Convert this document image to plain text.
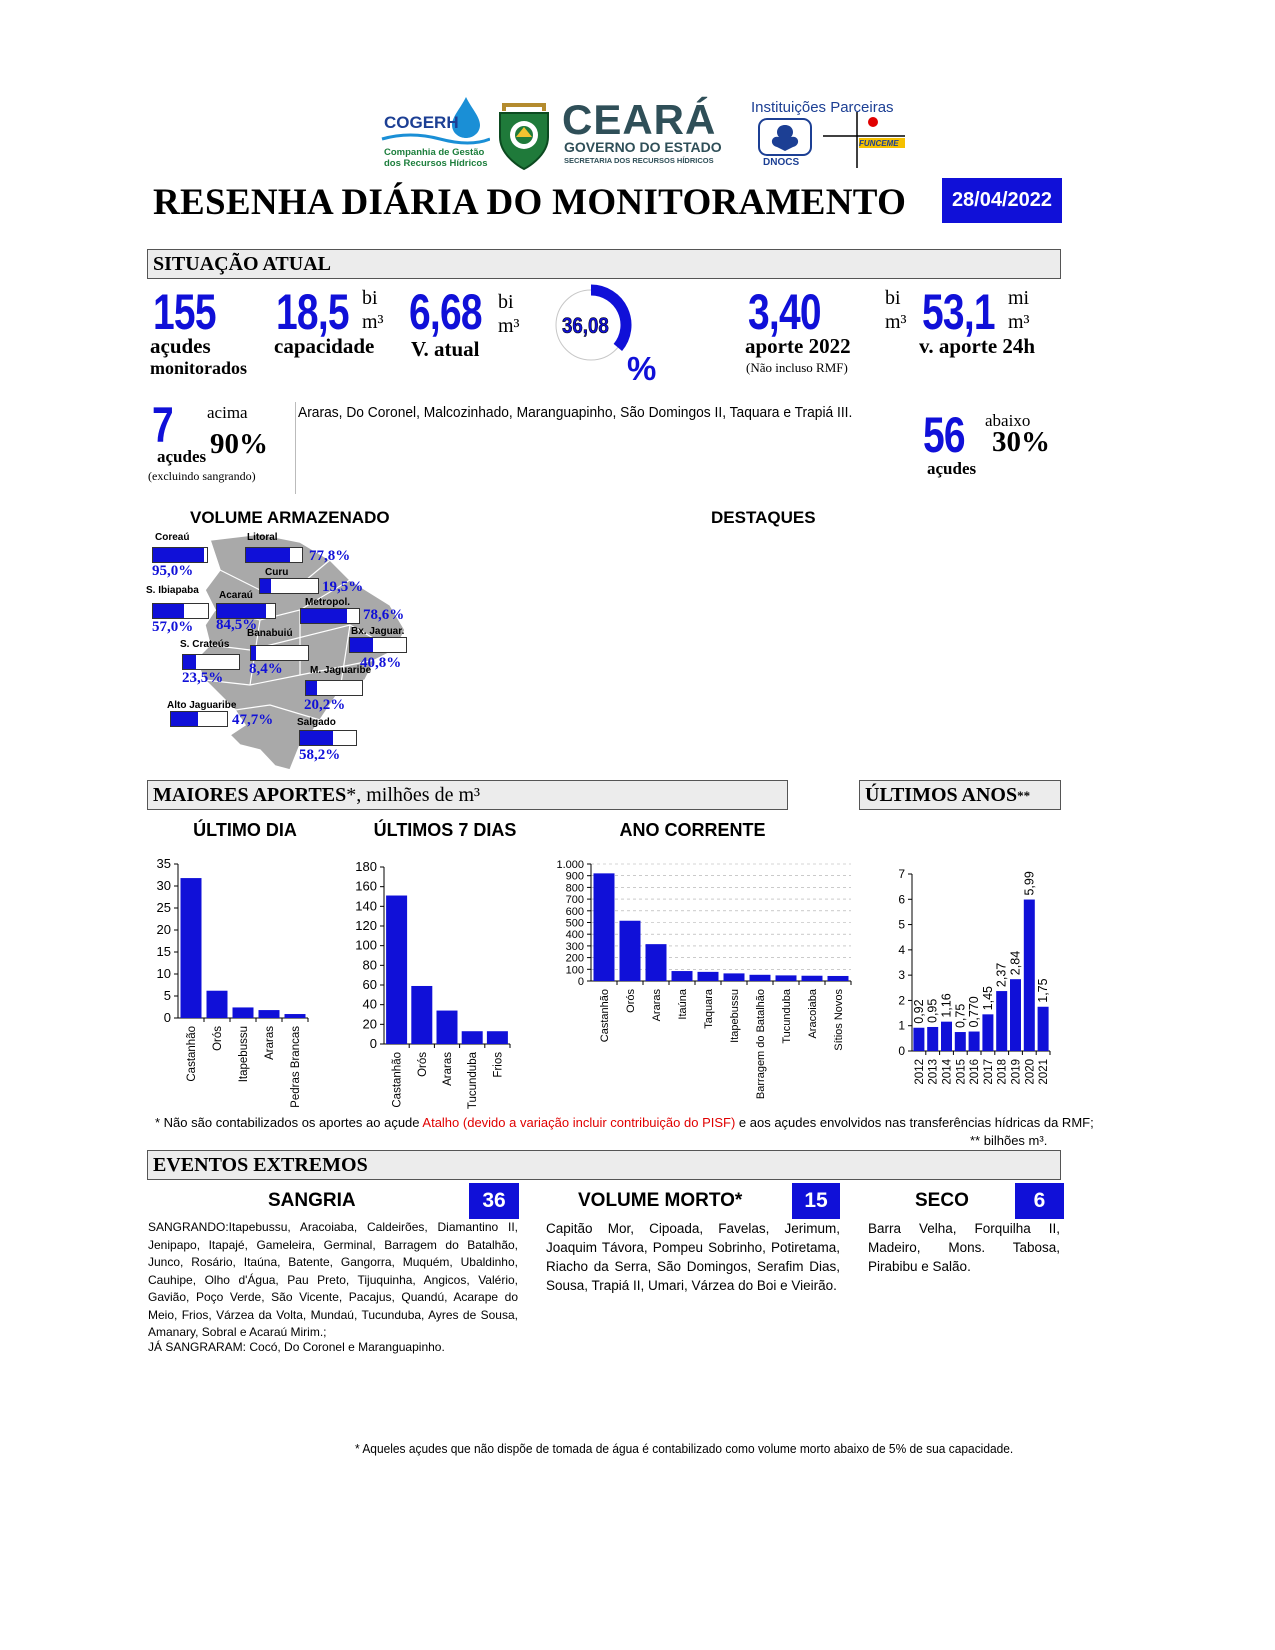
COGERH
Companhia de Gestão
dos Recursos Hídricos
CEARÁ
GOVERNO DO ESTADO
SECRETARIA DOS RECURSOS HÍDRICOS
Instituições Parceiras
DNOCS
FUNCEME
RESENHA DIÁRIA DO MONITORAMENTO	28/04/2022
SITUAÇÃO ATUAL
155
açudes
monitorados
18,5 bi
m³
capacidade
6,68 bi
m³
V. atual
36,08
%
3,40	bi
m³
aporte 2022
(Não incluso RMF)
53,1 mi
m³
v. aporte 24h
7 acima
açudes 90%
(excluindo sangrando)
Araras, Do Coronel, Malcozinhado, Maranguapinho, São Domingos II, Taquara e Trapiá III. 56 abaixo
30%
açudes
VOLUME ARMAZENADO	DESTAQUES
Coreaú
95,0%
Litoral
77,8%
Curu
19,5%
S. Ibiapaba
57,0%
Acaraú
84,5%
Metropol.
78,6%
Banabuiú
8,4%
Bx. Jaguar.
40,8%
S. Crateús
23,5%	M. Jaguaribe
20,2%
Alto Jaguaribe
47,7% Salgado
58,2%
MAIORES APORTES*, milhões de m³	ÚLTIMOS ANOS**
ÚLTIMO DIA	ÚLTIMOS 7 DIAS	ANO CORRENTE
0
5
10
15
20
25
30
35
Castanhão Orós Itapebussu Araras Pedras Brancas	0
20
40
60
80
100
120
140
160
180
Castanhão Orós Araras Tucunduba Frios
0
100
200
300
400
500
600
700
800
900
1.000
Castanhão Orós Araras Itaúna Taquara Itapebussu Barragem do Batalhão Tucunduba Aracoiaba Sítios Novos
0
1
2
3
4
5
6
7
2012
0,92
2013
0,95
2014
1,16
2015
0,75
2016
0,770
2017
1,45
2018
2,37
2019
2,84
2020
5,99
2021
1,75
* Não são contabilizados os aportes ao açude Atalho (devido a variação incluir contribuição do PISF) e aos açudes envolvidos nas transferências hídricas da RMF;
** bilhões m³.
EVENTOS EXTREMOS
SANGRIA	36
SANGRANDO:Itapebussu, Aracoiaba, Caldeirões, Diamantino II, Jenipapo, Itapajé, Gameleira, Germinal, Barragem do Batalhão, Junco, Rosário, Itaúna, Batente, Gangorra, Muquém, Ubaldinho, Cauhipe, Olho d'Água, Pau Preto, Tijuquinha, Angicos, Valério, Gavião, Poço Verde, São Vicente, Pacajus, Quandú, Acarape do Meio, Frios, Várzea da Volta, Mundaú, Tucunduba, Ayres de Sousa, Amanary, Sobral e Acaraú Mirim.;
JÁ SANGRARAM: Cocó, Do Coronel e Maranguapinho.
VOLUME MORTO*	15
Capitão Mor, Cipoada, Favelas, Jerimum, Joaquim Távora, Pompeu Sobrinho, Potiretama, Riacho da Serra, São Domingos, Serafim Dias, Sousa, Trapiá II, Umari, Várzea do Boi e Vieirão.
SECO	6
Barra Velha, Forquilha II, Madeiro, Mons. Tabosa, Pirabibu e Salão.
* Aqueles açudes que não dispõe de tomada de água é contabilizado como volume morto abaixo de 5% de sua capacidade.
